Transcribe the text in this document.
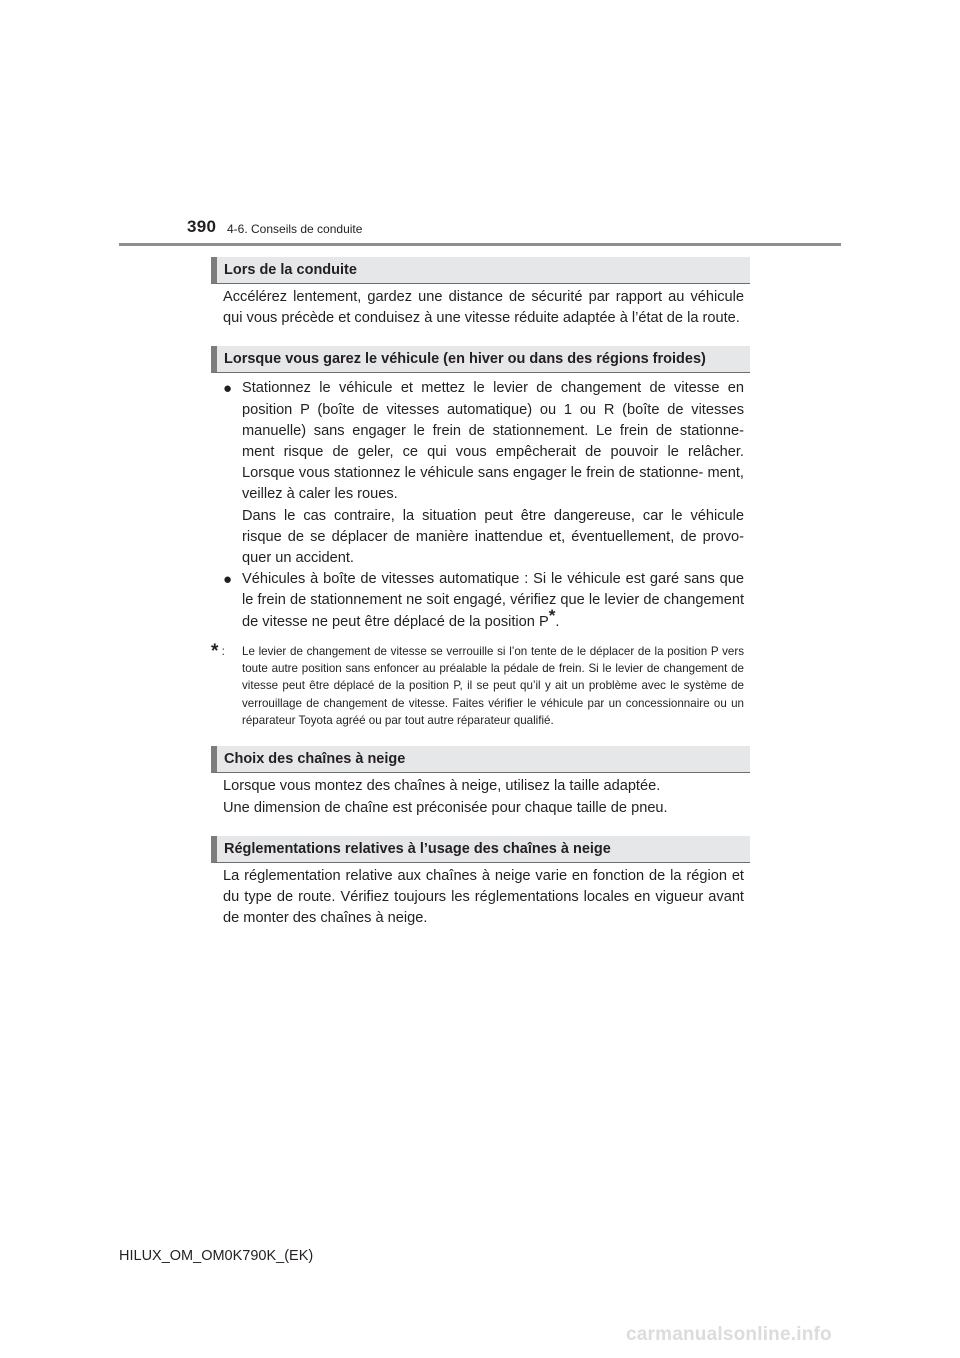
390 4-6. Conseils de conduite
Lors de la conduite
Accélérez lentement, gardez une distance de sécurité par rapport au véhicule qui vous précède et conduisez à une vitesse réduite adaptée à l’état de la route.
Lorsque vous garez le véhicule (en hiver ou dans des régions froides)
● Stationnez le véhicule et mettez le levier de changement de vitesse en position P (boîte de vitesses automatique) ou 1 ou R (boîte de vitesses manuelle) sans engager le frein de stationnement. Le frein de stationne- ment risque de geler, ce qui vous empêcherait de pouvoir le relâcher. Lorsque vous stationnez le véhicule sans engager le frein de stationne- ment, veillez à caler les roues.

Dans le cas contraire, la situation peut être dangereuse, car le véhicule risque de se déplacer de manière inattendue et, éventuellement, de provo- quer un accident.

● Véhicules à boîte de vitesses automatique : Si le véhicule est garé sans que le frein de stationnement ne soit engagé, vérifiez que le levier de changement de vitesse ne peut être déplacé de la position P*.

* :	Le levier de changement de vitesse se verrouille si l’on tente de le déplacer de la position P vers toute autre position sans enfoncer au préalable la pédale de frein. Si le levier de changement de vitesse peut être déplacé de la position P, il se peut qu’il y ait un problème avec le système de verrouillage de changement de vitesse. Faites vérifier le véhicule par un concessionnaire ou un réparateur Toyota agréé ou par tout autre réparateur qualifié.
Choix des chaînes à neige
Lorsque vous montez des chaînes à neige, utilisez la taille adaptée.
Une dimension de chaîne est préconisée pour chaque taille de pneu.
Réglementations relatives à l’usage des chaînes à neige
La réglementation relative aux chaînes à neige varie en fonction de la région et du type de route. Vérifiez toujours les réglementations locales en vigueur avant de monter des chaînes à neige.
HILUX_OM_OM0K790K_(EK)
carmanualsonline.info
